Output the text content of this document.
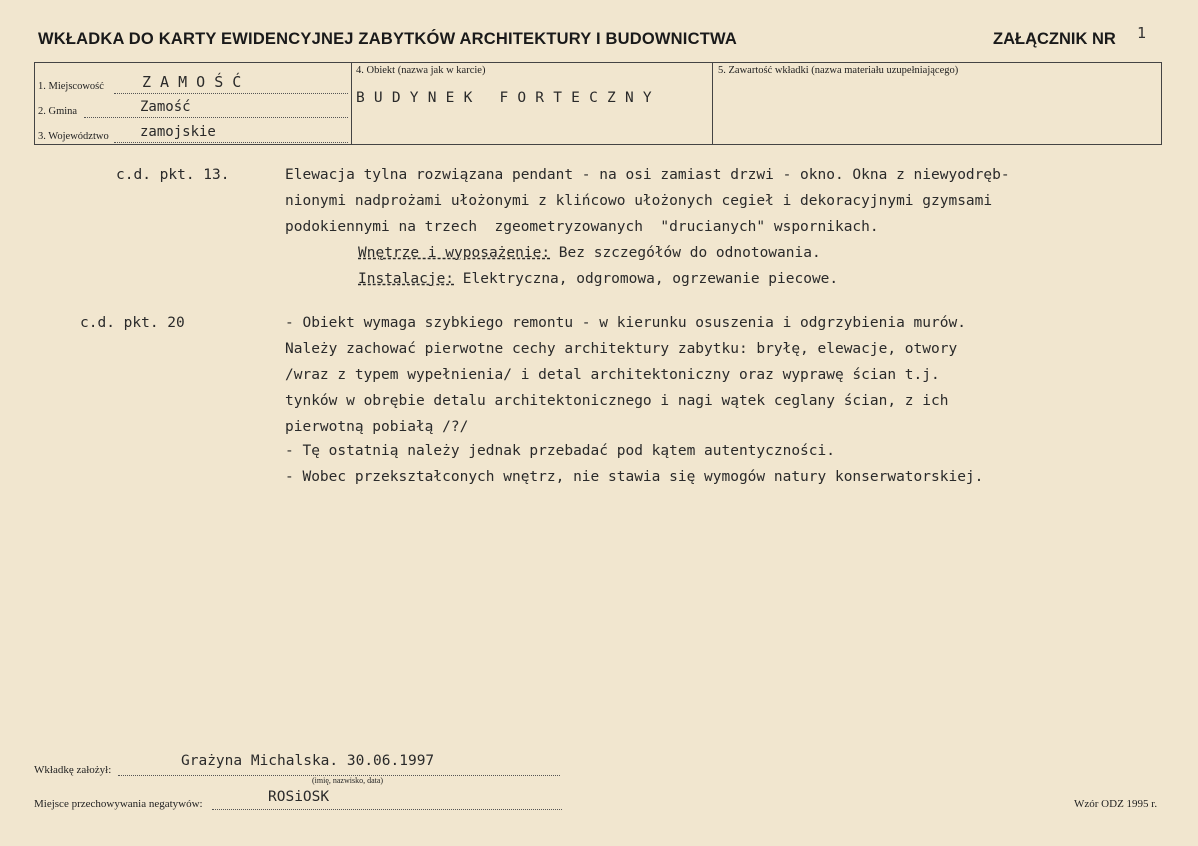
WKŁADKA DO KARTY EWIDENCYJNEJ ZABYTKÓW ARCHITEKTURY I BUDOWNICTWA	ZAŁĄCZNIK NR 1
1. Miejscowość	Z A M O Ś Ć
2. Gmina	Zamość
3. Województwo zamojskie
4. Obiekt (nazwa jak w karcie)
BUDYNEK FORTECZNY
5. Zawartość wkładki (nazwa materiału uzupełniającego)
c.d. pkt. 13.	Elewacja tylna rozwiązana pendant - na osi zamiast drzwi - okno. Okna z niewyodręb-
nionymi nadprożami ułożonymi z klińcowo ułożonych cegieł i dekoracyjnymi gzymsami
podokiennymi na trzech  zgeometryzowanych  "drucianych" wspornikach.
Wnętrze i wyposażenie: Bez szczegółów do odnotowania.
Instalacje: Elektryczna, odgromowa, ogrzewanie piecowe.
c.d. pkt. 20	- Obiekt wymaga szybkiego remontu - w kierunku osuszenia i odgrzybienia murów.
Należy zachować pierwotne cechy architektury zabytku: bryłę, elewacje, otwory
/wraz z typem wypełnienia/ i detal architektoniczny oraz wyprawę ścian t.j.
tynków w obrębie detalu architektonicznego i nagi wątek ceglany ścian, z ich
pierwotną pobiałą /?/
- Tę ostatnią należy jednak przebadać pod kątem autentyczności.
- Wobec przekształconych wnętrz, nie stawia się wymogów natury konserwatorskiej.
Wkładkę założył:
Grażyna Michalska. 30.06.1997
(imię, nazwisko, data)
Miejsce przechowywania negatywów:	ROSiOSK	Wzór ODZ 1995 r.
